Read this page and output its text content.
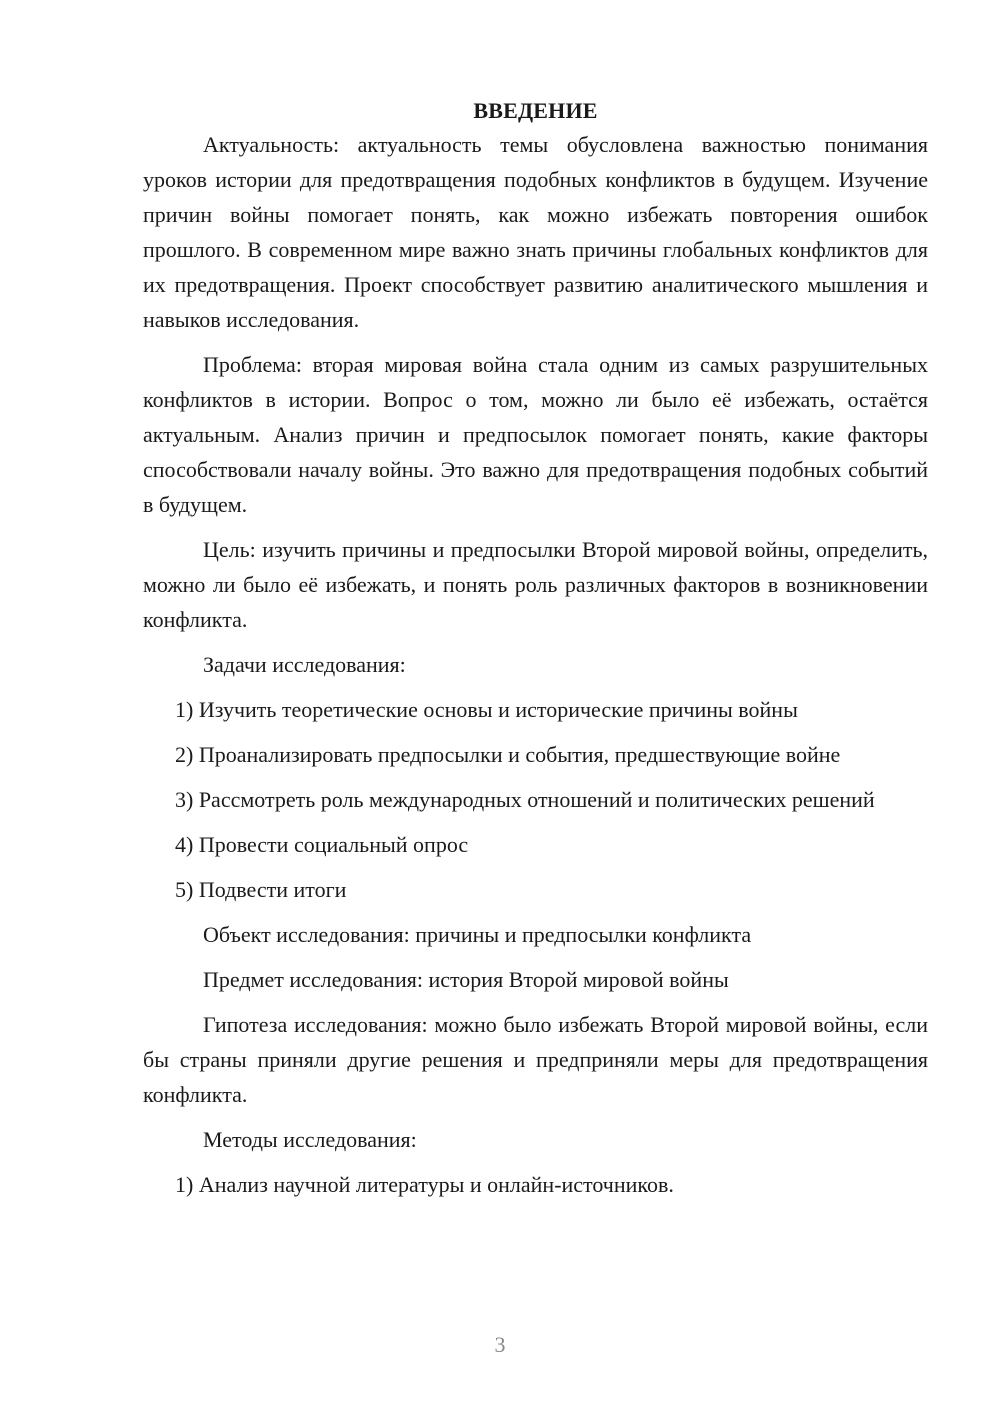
ВВЕДЕНИЕ

Актуальность: актуальность темы обусловлена важностью понимания уроков истории для предотвращения подобных конфликтов в будущем. Изучение причин войны помогает понять, как можно избежать повторения ошибок прошлого. В современном мире важно знать причины глобальных конфликтов для их предотвращения. Проект способствует развитию аналитического мышления и навыков исследования.

Проблема: вторая мировая война стала одним из самых разрушительных конфликтов в истории. Вопрос о том, можно ли было её избежать, остаётся актуальным. Анализ причин и предпосылок помогает понять, какие факторы способствовали началу войны. Это важно для предотвращения подобных событий в будущем.

Цель: изучить причины и предпосылки Второй мировой войны, определить, можно ли было её избежать, и понять роль различных факторов в возникновении конфликта.

Задачи исследования:

1) Изучить теоретические основы и исторические причины войны

2) Проанализировать предпосылки и события, предшествующие войне

3) Рассмотреть роль международных отношений и политических решений

4) Провести социальный опрос

5) Подвести итоги

Объект исследования: причины и предпосылки конфликта

Предмет исследования: история Второй мировой войны

Гипотеза исследования: можно было избежать Второй мировой войны, если бы страны приняли другие решения и предприняли меры для предотвращения конфликта.

Методы исследования:

1) Анализ научной литературы и онлайн-источников.

3
